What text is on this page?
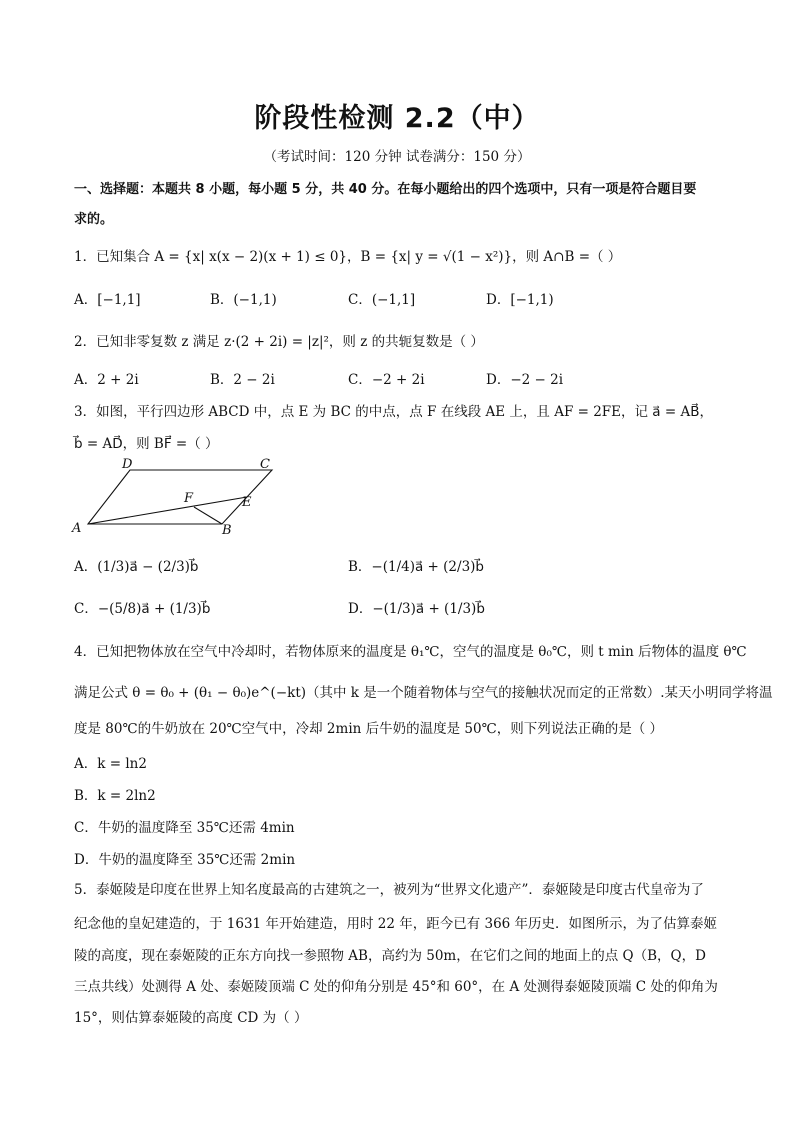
阶段性检测 2.2（中）
（考试时间：120 分钟 试卷满分：150 分）
一、选择题：本题共 8 小题，每小题 5 分，共 40 分。在每小题给出的四个选项中，只有一项是符合题目要
求的。
1．已知集合 A = {x| x(x − 2)(x + 1) ≤ 0}，B = {x| y = √(1 − x²)}，则 A∩B =（ ）
A．[−1,1]	B．(−1,1)	C．(−1,1]	D．[−1,1)
2．已知非零复数 z 满足 z·(2 + 2i) = |z|²，则 z 的共轭复数是（ ）
A．2 + 2i	B．2 − 2i	C．−2 + 2i	D．−2 − 2i
3．如图，平行四边形 ABCD 中，点 E 为 BC 的中点，点 F 在线段 AE 上，且 AF = 2FE，记 a⃗ = AB⃗，
b⃗ = AD⃗，则 BF⃗ =（ ）
A	B
C
D
E
F
A．(1/3)a⃗ − (2/3)b⃗	B．−(1/4)a⃗ + (2/3)b⃗
C．−(5/8)a⃗ + (1/3)b⃗	D．−(1/3)a⃗ + (1/3)b⃗
4．已知把物体放在空气中冷却时，若物体原来的温度是 θ₁℃，空气的温度是 θ₀℃，则 t min 后物体的温度 θ℃
满足公式 θ = θ₀ + (θ₁ − θ₀)e^(−kt)（其中 k 是一个随着物体与空气的接触状况而定的正常数）.某天小明同学将温
度是 80℃的牛奶放在 20℃空气中，冷却 2min 后牛奶的温度是 50℃，则下列说法正确的是（ ）
A．k = ln2
B．k = 2ln2
C．牛奶的温度降至 35℃还需 4min
D．牛奶的温度降至 35℃还需 2min
5．泰姬陵是印度在世界上知名度最高的古建筑之一，被列为“世界文化遗产”．泰姬陵是印度古代皇帝为了
纪念他的皇妃建造的，于 1631 年开始建造，用时 22 年，距今已有 366 年历史．如图所示，为了估算泰姬
陵的高度，现在泰姬陵的正东方向找一参照物 AB，高约为 50m，在它们之间的地面上的点 Q（B，Q，D
三点共线）处测得 A 处、泰姬陵顶端 C 处的仰角分别是 45°和 60°，在 A 处测得泰姬陵顶端 C 处的仰角为
15°，则估算泰姬陵的高度 CD 为（ ）
